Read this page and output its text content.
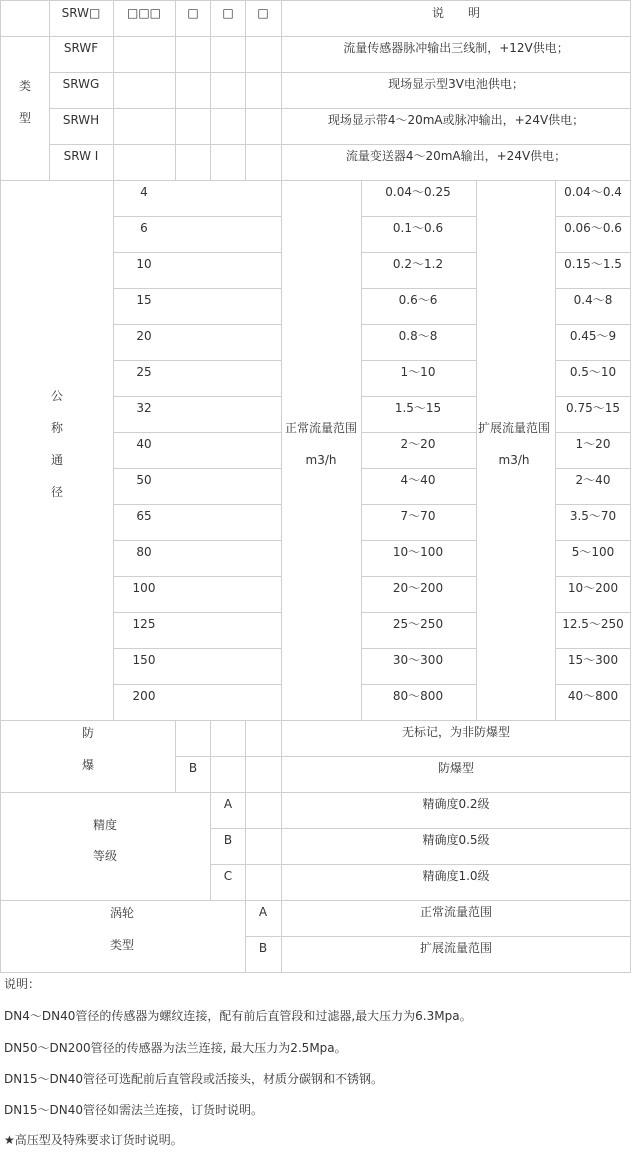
SRW□ □□□ □ □ □	说　　明
类型
SRWF	流量传感器脉冲输出三线制，+12V供电；
SRWG	现场显示型3V电池供电；
SRWH	现场显示带4～20mA或脉冲输出，+24V供电；
SRW I	流量变送器4～20mA输出，+24V供电；
公称通径
4	0.04～0.25	0.04～0.4
6	0.1～0.6	0.06～0.6
10	0.2～1.2	0.15～1.5
15	0.6～6	0.4～8
20	0.8～8	0.45～9
25	1～10	0.5～10
32	1.5～15	0.75～15
40	2～20	1～20
50	4～40	2～40
65	7～70	3.5～70
80	10～100	5～100
100	20～200	10～200
125	25～250	12.5～250
150	30～300	15～300
200	80～800	40～800
正常流量范围
m3/h
扩展流量范围
m3/h
防
爆
无标记，为非防爆型
B	防爆型
精度
等级
A	精确度0.2级
B	精确度0.5级
C	精确度1.0级
涡轮
类型
A	正常流量范围
B	扩展流量范围
说明：
DN4～DN40管径的传感器为螺纹连接，配有前后直管段和过滤器,最大压力为6.3Mpa。
DN50～DN200管径的传感器为法兰连接, 最大压力为2.5Mpa。
DN15～DN40管径可选配前后直管段或活接头，材质分碳钢和不锈钢。
DN15～DN40管径如需法兰连接，订货时说明。
★高压型及特殊要求订货时说明。
